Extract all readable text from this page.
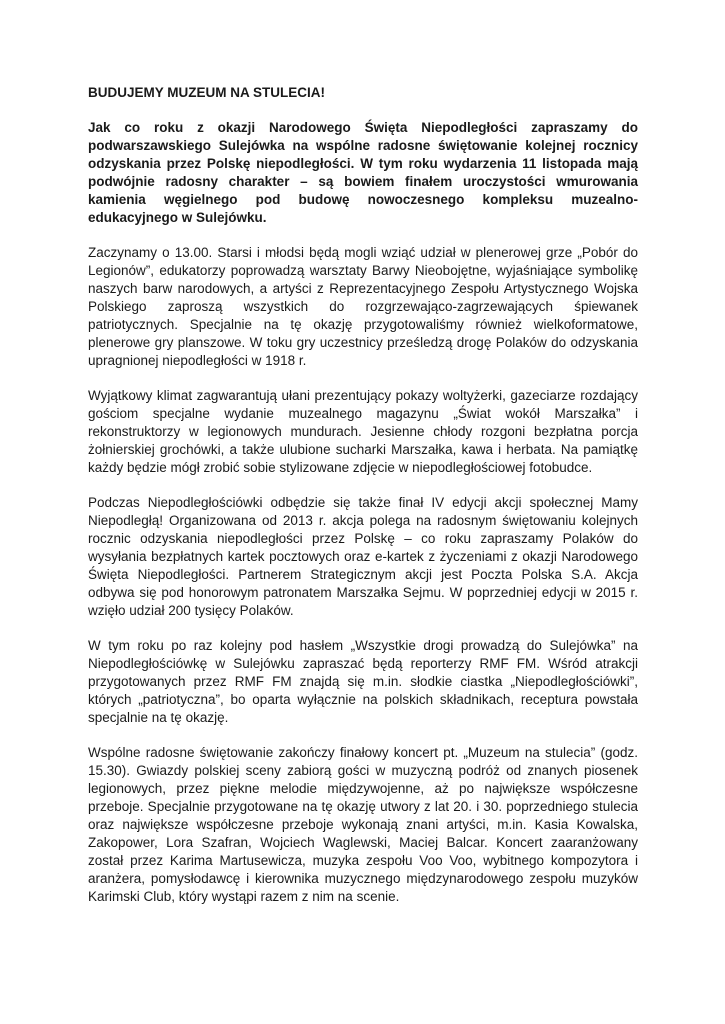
BUDUJEMY MUZEUM NA STULECIA!
Jak co roku z okazji Narodowego Święta Niepodległości zapraszamy do podwarszawskiego Sulejówka na wspólne radosne świętowanie kolejnej rocznicy odzyskania przez Polskę niepodległości. W tym roku wydarzenia 11 listopada mają podwójnie radosny charakter – są bowiem finałem uroczystości wmurowania kamienia węgielnego pod budowę nowoczesnego kompleksu muzealno-edukacyjnego w Sulejówku.
Zaczynamy o 13.00. Starsi i młodsi będą mogli wziąć udział w plenerowej grze „Pobór do Legionów”, edukatorzy poprowadzą warsztaty Barwy Nieobojętne, wyjaśniające symbolikę naszych barw narodowych, a artyści z Reprezentacyjnego Zespołu Artystycznego Wojska Polskiego zaproszą wszystkich do rozgrzewająco-zagrzewających śpiewanek patriotycznych. Specjalnie na tę okazję przygotowaliśmy również wielkoformatowe, plenerowe gry planszowe. W toku gry uczestnicy prześledzą drogę Polaków do odzyskania upragnionej niepodległości w 1918 r.
Wyjątkowy klimat zagwarantują ułani prezentujący pokazy woltyżerki, gazeciarze rozdający gościom specjalne wydanie muzealnego magazynu „Świat wokół Marszałka” i rekonstruktorzy w legionowych mundurach. Jesienne chłody rozgoni bezpłatna porcja żołnierskiej grochówki, a także ulubione sucharki Marszałka, kawa i herbata. Na pamiątkę każdy będzie mógł zrobić sobie stylizowane zdjęcie w niepodległościowej fotobudce.
Podczas Niepodległościówki odbędzie się także finał IV edycji akcji społecznej Mamy Niepodległą! Organizowana od 2013 r. akcja polega na radosnym świętowaniu kolejnych rocznic odzyskania niepodległości przez Polskę – co roku zapraszamy Polaków do wysyłania bezpłatnych kartek pocztowych oraz e-kartek z życzeniami z okazji Narodowego Święta Niepodległości. Partnerem Strategicznym akcji jest Poczta Polska S.A. Akcja odbywa się pod honorowym patronatem Marszałka Sejmu. W poprzedniej edycji w 2015 r. wzięło udział 200 tysięcy Polaków.
W tym roku po raz kolejny pod hasłem „Wszystkie drogi prowadzą do Sulejówka” na Niepodległościówkę w Sulejówku zapraszać będą reporterzy RMF FM. Wśród atrakcji przygotowanych przez RMF FM znajdą się m.in. słodkie ciastka „Niepodległościówki”, których „patriotyczna”, bo oparta wyłącznie na polskich składnikach, receptura powstała specjalnie na tę okazję.
Wspólne radosne świętowanie zakończy finałowy koncert pt. „Muzeum na stulecia” (godz. 15.30). Gwiazdy polskiej sceny zabiorą gości w muzyczną podróż od znanych piosenek legionowych, przez piękne melodie międzywojenne, aż po największe współczesne przeboje. Specjalnie przygotowane na tę okazję utwory z lat 20. i 30. poprzedniego stulecia oraz największe współczesne przeboje wykonają znani artyści, m.in. Kasia Kowalska, Zakopower, Lora Szafran, Wojciech Waglewski, Maciej Balcar. Koncert zaaranżowany został przez Karima Martusewicza, muzyka zespołu Voo Voo, wybitnego kompozytora i aranżera, pomysłodawcę i kierownika muzycznego międzynarodowego zespołu muzyków Karimski Club, który wystąpi razem z nim na scenie.
